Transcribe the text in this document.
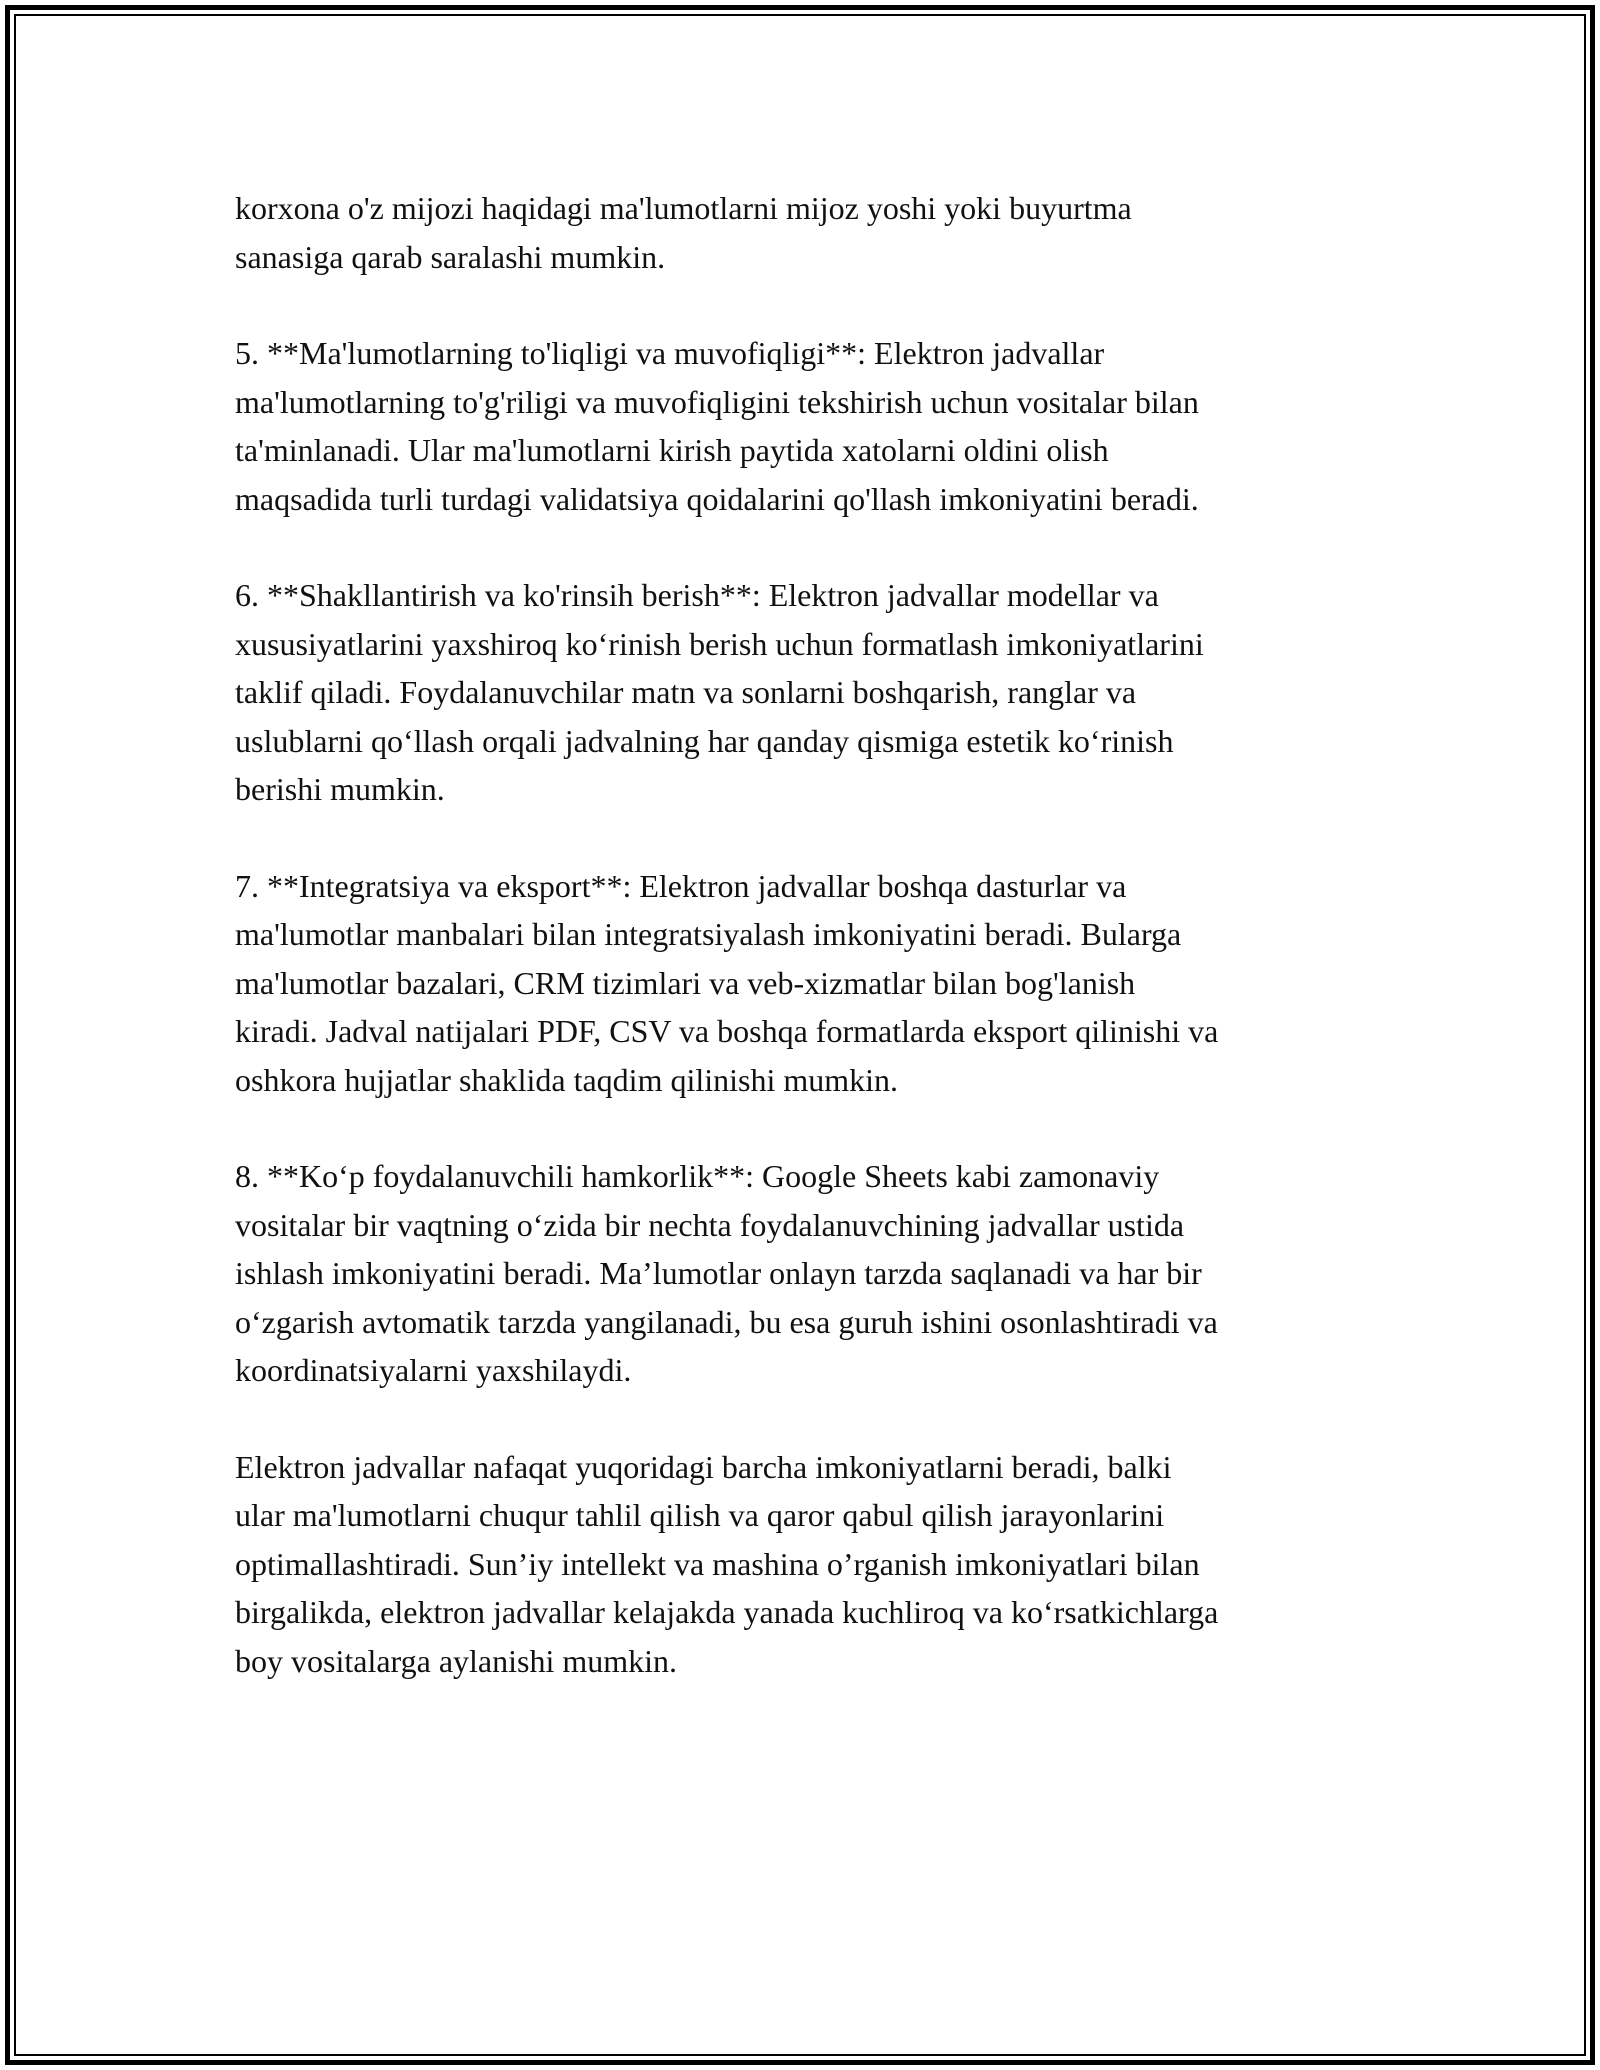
korxona o'z mijozi haqidagi ma'lumotlarni mijoz yoshi yoki buyurtma
sanasiga qarab saralashi mumkin.

5. **Ma'lumotlarning to'liqligi va muvofiqligi**: Elektron jadvallar
ma'lumotlarning to'g'riligi va muvofiqligini tekshirish uchun vositalar bilan
ta'minlanadi. Ular ma'lumotlarni kirish paytida xatolarni oldini olish
maqsadida turli turdagi validatsiya qoidalarini qo'llash imkoniyatini beradi.

6. **Shakllantirish va ko'rinsih berish**: Elektron jadvallar modellar va
xususiyatlarini yaxshiroq ko‘rinish berish uchun formatlash imkoniyatlarini
taklif qiladi. Foydalanuvchilar matn va sonlarni boshqarish, ranglar va
uslublarni qo‘llash orqali jadvalning har qanday qismiga estetik ko‘rinish
berishi mumkin.

7. **Integratsiya va eksport**: Elektron jadvallar boshqa dasturlar va
ma'lumotlar manbalari bilan integratsiyalash imkoniyatini beradi. Bularga
ma'lumotlar bazalari, CRM tizimlari va veb-xizmatlar bilan bog'lanish
kiradi. Jadval natijalari PDF, CSV va boshqa formatlarda eksport qilinishi va
oshkora hujjatlar shaklida taqdim qilinishi mumkin.

8. **Ko‘p foydalanuvchili hamkorlik**: Google Sheets kabi zamonaviy
vositalar bir vaqtning o‘zida bir nechta foydalanuvchining jadvallar ustida
ishlash imkoniyatini beradi. Ma’lumotlar onlayn tarzda saqlanadi va har bir
o‘zgarish avtomatik tarzda yangilanadi, bu esa guruh ishini osonlashtiradi va
koordinatsiyalarni yaxshilaydi.

Elektron jadvallar nafaqat yuqoridagi barcha imkoniyatlarni beradi, balki
ular ma'lumotlarni chuqur tahlil qilish va qaror qabul qilish jarayonlarini
optimallashtiradi. Sun’iy intellekt va mashina o’rganish imkoniyatlari bilan
birgalikda, elektron jadvallar kelajakda yanada kuchliroq va ko‘rsatkichlarga
boy vositalarga aylanishi mumkin.
